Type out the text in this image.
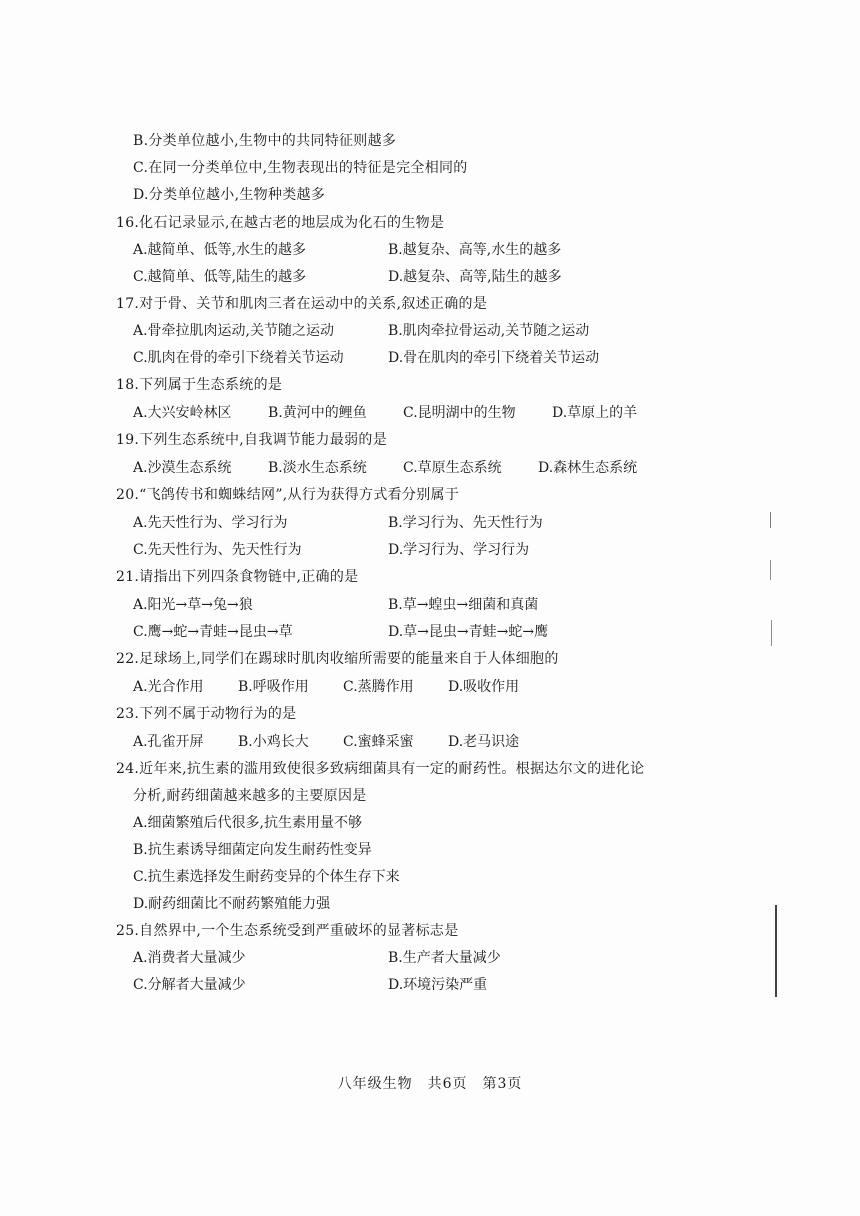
B.分类单位越小,生物中的共同特征则越多
C.在同一分类单位中,生物表现出的特征是完全相同的
D.分类单位越小,生物种类越多
16.化石记录显示,在越古老的地层成为化石的生物是
A.越简单、低等,水生的越多	B.越复杂、高等,水生的越多
C.越简单、低等,陆生的越多	D.越复杂、高等,陆生的越多
17.对于骨、关节和肌肉三者在运动中的关系,叙述正确的是
A.骨牵拉肌肉运动,关节随之运动	B.肌肉牵拉骨运动,关节随之运动
C.肌肉在骨的牵引下绕着关节运动	D.骨在肌肉的牵引下绕着关节运动
18.下列属于生态系统的是
A.大兴安岭林区	B.黄河中的鲤鱼	C.昆明湖中的生物	D.草原上的羊
19.下列生态系统中,自我调节能力最弱的是
A.沙漠生态系统	B.淡水生态系统	C.草原生态系统	D.森林生态系统
20.“飞鸽传书和蜘蛛结网”,从行为获得方式看分别属于
A.先天性行为、学习行为	B.学习行为、先天性行为
C.先天性行为、先天性行为	D.学习行为、学习行为
21.请指出下列四条食物链中,正确的是
A.阳光→草→兔→狼	B.草→蝗虫→细菌和真菌
C.鹰→蛇→青蛙→昆虫→草	D.草→昆虫→青蛙→蛇→鹰
22.足球场上,同学们在踢球时肌肉收缩所需要的能量来自于人体细胞的
A.光合作用 B.呼吸作用 C.蒸腾作用 D.吸收作用
23.下列不属于动物行为的是
A.孔雀开屏 B.小鸡长大 C.蜜蜂采蜜 D.老马识途
24.近年来,抗生素的滥用致使很多致病细菌具有一定的耐药性。根据达尔文的进化论
分析,耐药细菌越来越多的主要原因是
A.细菌繁殖后代很多,抗生素用量不够
B.抗生素诱导细菌定向发生耐药性变异
C.抗生素选择发生耐药变异的个体生存下来
D.耐药细菌比不耐药繁殖能力强
25.自然界中,一个生态系统受到严重破坏的显著标志是
A.消费者大量减少	B.生产者大量减少
C.分解者大量减少	D.环境污染严重
八年级生物　共6页　第3页
